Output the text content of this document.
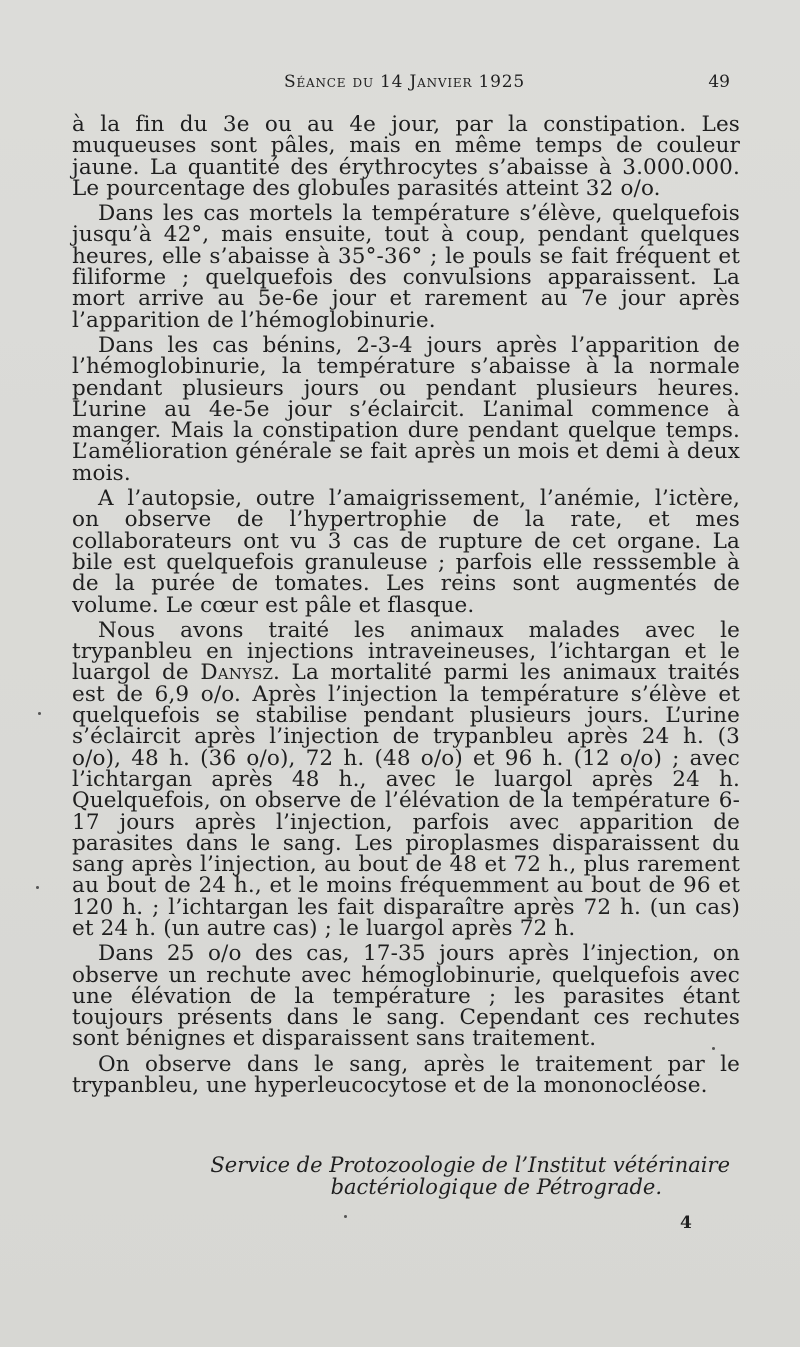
Séance du 14 Janvier 1925	49

à la fin du 3e ou au 4e jour, par la constipation. Les muqueuses sont pâles, mais en même temps de couleur jaune. La quantité des érythrocytes s’abaisse à 3.000.000. Le pourcentage des globules parasités atteint 32 o/o.

Dans les cas mortels la température s’élève, quelquefois jusqu’à 42°, mais ensuite, tout à coup, pendant quelques heures, elle s’abaisse à 35°-36° ; le pouls se fait fréquent et filiforme ; quelquefois des convulsions apparaissent. La mort arrive au 5e-6e jour et rarement au 7e jour après l’apparition de l’hémoglobinurie.

Dans les cas bénins, 2-3-4 jours après l’apparition de l’hémoglobinurie, la température s’abaisse à la normale pendant plusieurs jours ou pendant plusieurs heures. L’urine au 4e-5e jour s’éclaircit. L’animal commence à manger. Mais la constipation dure pendant quelque temps. L’amélioration générale se fait après un mois et demi à deux mois.

A l’autopsie, outre l’amaigrissement, l’anémie, l’ictère, on observe de l’hypertrophie de la rate, et mes collaborateurs ont vu 3 cas de rupture de cet organe. La bile est quelquefois granuleuse ; parfois elle resssemble à de la purée de tomates. Les reins sont augmentés de volume. Le cœur est pâle et flasque.

Nous avons traité les animaux malades avec le trypanbleu en injections intraveineuses, l’ichtargan et le luargol de Danysz. La mortalité parmi les animaux traités est de 6,9 o/o. Après l’injection la température s’élève et quelquefois se stabilise pendant plusieurs jours. L’urine s’éclaircit après l’injection de trypanbleu après 24 h. (3 o/o), 48 h. (36 o/o), 72 h. (48 o/o) et 96 h. (12 o/o) ; avec l’ichtargan après 48 h., avec le luargol après 24 h. Quelquefois, on observe de l’élévation de la température 6-17 jours après l’injection, parfois avec apparition de parasites dans le sang. Les piroplasmes disparaissent du sang après l’injection, au bout de 48 et 72 h., plus rarement au bout de 24 h., et le moins fréquemment au bout de 96 et 120 h. ; l’ichtargan les fait disparaître après 72 h. (un cas) et 24 h. (un autre cas) ; le luargol après 72 h.

Dans 25 o/o des cas, 17-35 jours après l’injection, on observe un rechute avec hémoglobinurie, quelquefois avec une élévation de la température ; les parasites étant toujours présents dans le sang. Cependant ces rechutes sont bénignes et disparaissent sans traitement.

On observe dans le sang, après le traitement par le trypanbleu, une hyperleucocytose et de la mononocléose.

Service de Protozoologie de l’Institut vétérinaire
bactériologique de Pétrograde.
4
